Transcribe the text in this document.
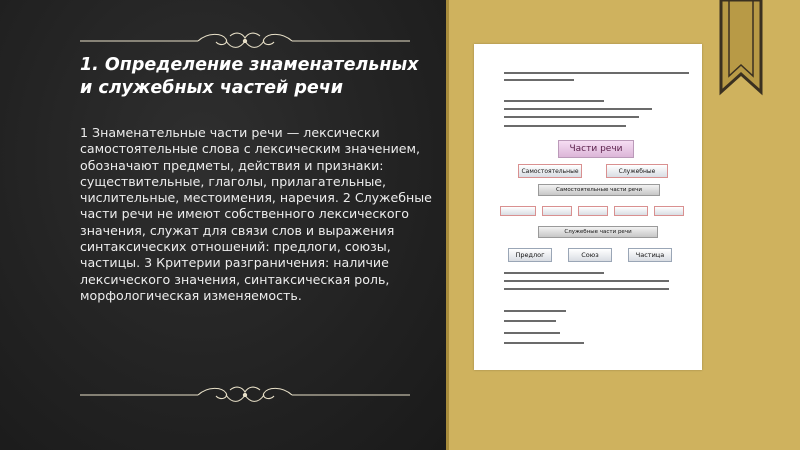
1. Определение знаменательных и служебных частей речи

1 Знаменательные части речи — лексически самостоятельные слова с лексическим значением, обозначают предметы, действия и признаки: существительные, глаголы, прилагательные, числительные, местоимения, наречия. 2 Служебные части речи не имеют собственного лексического значения, служат для связи слов и выражения синтаксических отношений: предлоги, союзы, частицы. 3 Критерии разграничения: наличие лексического значения, синтаксическая роль, морфологическая изменяемость.

Части речи
Самостоятельные	Служебные
Самостоятельные части речи
Служебные части речи
Предлог	Союз	Частица
